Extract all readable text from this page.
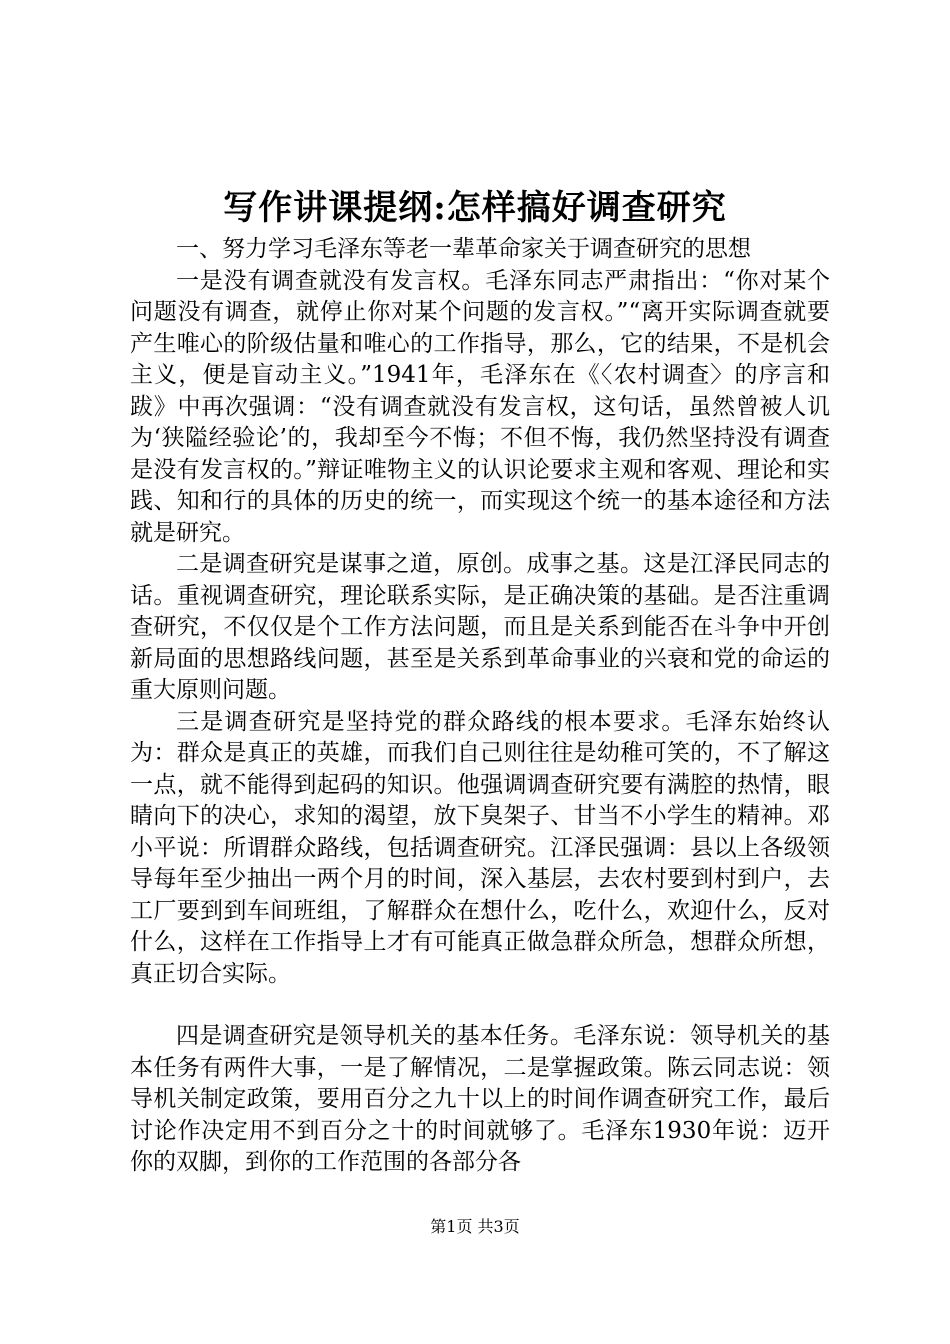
写作讲课提纲:怎样搞好调查研究

一、努力学习毛泽东等老一辈革命家关于调查研究的思想

一是没有调查就没有发言权。毛泽东同志严肃指出：“你对某个问题没有调查，就停止你对某个问题的发言权。”“离开实际调查就要产生唯心的阶级估量和唯心的工作指导，那么，它的结果，不是机会主义，便是盲动主义。”1941年，毛泽东在《〈农村调查〉的序言和跋》中再次强调：“没有调查就没有发言权，这句话，虽然曾被人讥为‘狭隘经验论’的，我却至今不悔；不但不悔，我仍然坚持没有调查是没有发言权的。”辩证唯物主义的认识论要求主观和客观、理论和实践、知和行的具体的历史的统一，而实现这个统一的基本途径和方法就是研究。

二是调查研究是谋事之道，原创。成事之基。这是江泽民同志的话。重视调查研究，理论联系实际，是正确决策的基础。是否注重调查研究，不仅仅是个工作方法问题，而且是关系到能否在斗争中开创新局面的思想路线问题，甚至是关系到革命事业的兴衰和党的命运的重大原则问题。

三是调查研究是坚持党的群众路线的根本要求。毛泽东始终认为：群众是真正的英雄，而我们自己则往往是幼稚可笑的，不了解这一点，就不能得到起码的知识。他强调调查研究要有满腔的热情，眼睛向下的决心，求知的渴望，放下臭架子、甘当不小学生的精神。邓小平说：所谓群众路线，包括调查研究。江泽民强调：县以上各级领导每年至少抽出一两个月的时间，深入基层，去农村要到村到户，去工厂要到到车间班组，了解群众在想什么，吃什么，欢迎什么，反对什么，这样在工作指导上才有可能真正做急群众所急，想群众所想，真正切合实际。

四是调查研究是领导机关的基本任务。毛泽东说：领导机关的基本任务有两件大事，一是了解情况，二是掌握政策。陈云同志说：领导机关制定政策，要用百分之九十以上的时间作调查研究工作，最后讨论作决定用不到百分之十的时间就够了。毛泽东1930年说：迈开你的双脚，到你的工作范围的各部分各

第1页 共3页
